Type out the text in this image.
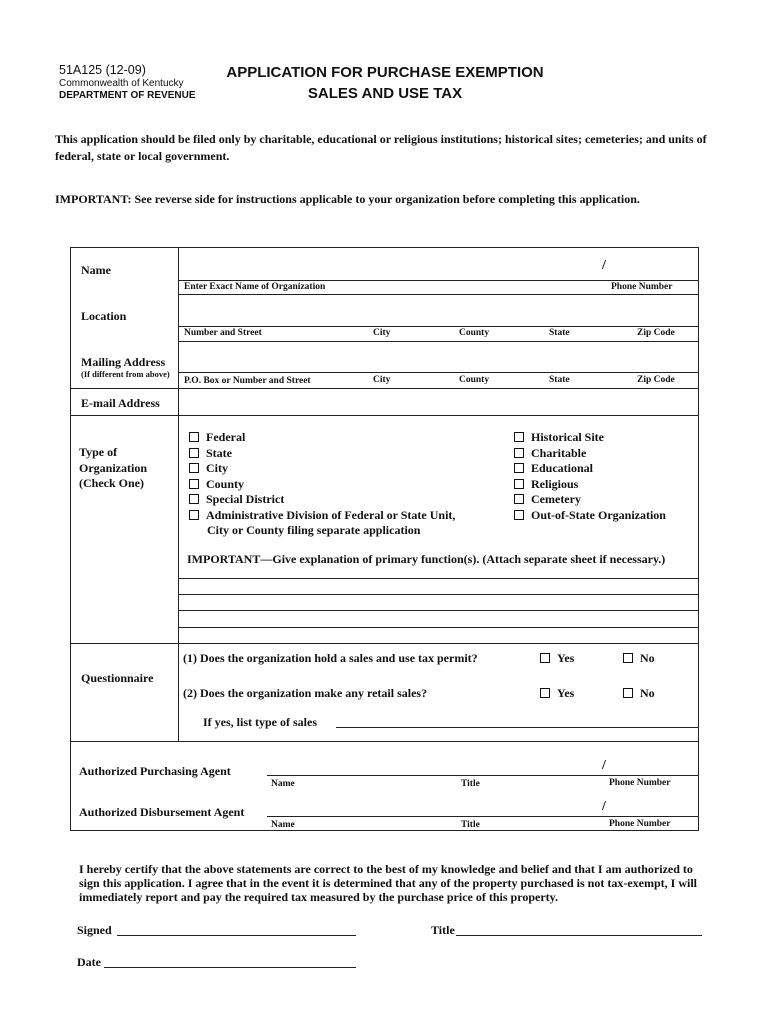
51A125 (12-09)
Commonwealth of Kentucky
DEPARTMENT OF REVENUE
APPLICATION FOR PURCHASE EXEMPTION
SALES AND USE TAX
This application should be filed only by charitable, educational or religious institutions; historical sites; cemeteries; and units of federal, state or local government.
IMPORTANT: See reverse side for instructions applicable to your organization before completing this application.
Name	/
Enter Exact Name of Organization	Phone Number
Location
Number and Street	City	County	State	Zip Code
Mailing Address
(If different from above)
P.O. Box or Number and Street	City	County	State	Zip Code
E-mail Address
Type of
Organization
(Check One)
Federal
State
City
County
Special District
Administrative Division of Federal or State Unit,
City or County filing separate application
Historical Site
Charitable
Educational
Religious
Cemetery
Out-of-State Organization
IMPORTANT—Give explanation of primary function(s). (Attach separate sheet if necessary.)
Questionnaire
(1) Does the organization hold a sales and use tax permit?	Yes	No
(2) Does the organization make any retail sales?	Yes	No
If yes, list type of sales
Authorized Purchasing Agent	/
Name	Title	Phone Number
Authorized Disbursement Agent	/
Name	Title	Phone Number
I hereby certify that the above statements are correct to the best of my knowledge and belief and that I am authorized to sign this application. I agree that in the event it is determined that any of the property purchased is not tax-exempt, I will immediately report and pay the required tax measured by the purchase price of this property.
Signed	Title
Date
